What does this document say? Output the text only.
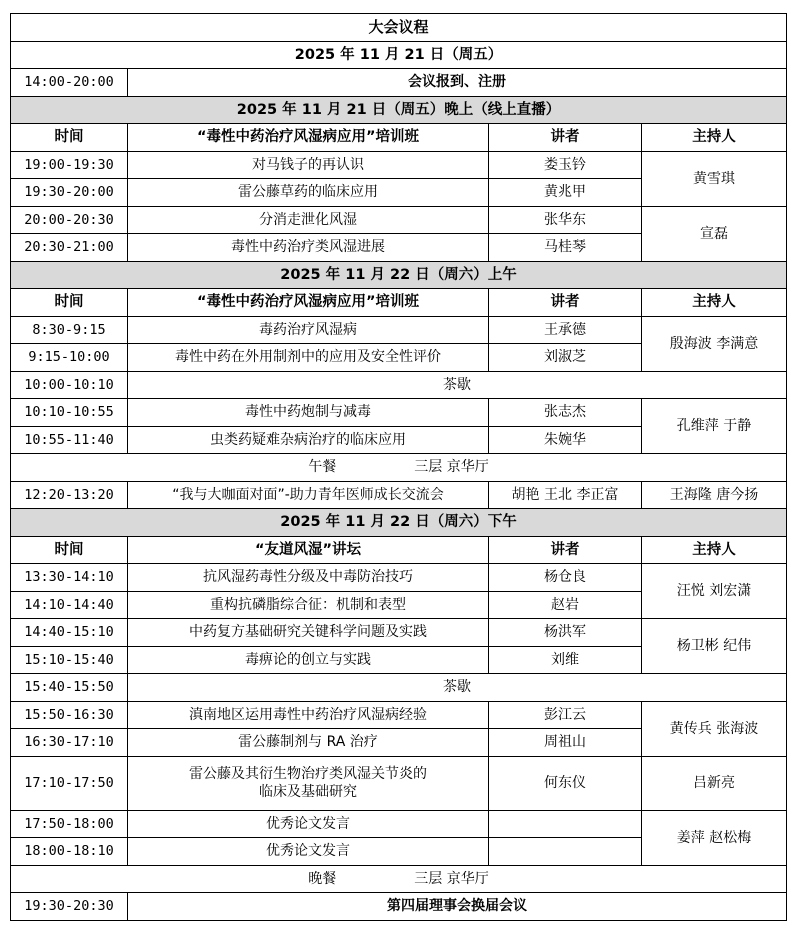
大会议程			
2025 年 11 月 21 日（周五）			
14:00-20:00	会议报到、注册		
2025 年 11 月 21 日（周五）晚上（线上直播）			
时间	“毒性中药治疗风湿病应用”培训班	讲者	主持人
19:00-19:30	对马钱子的再认识	娄玉钤	黄雪琪
19:30-20:00	雷公藤草药的临床应用	黄兆甲	
20:00-20:30	分消走泄化风湿	张华东	宣磊
20:30-21:00	毒性中药治疗类风湿进展	马桂琴	
2025 年 11 月 22 日（周六）上午			
时间	“毒性中药治疗风湿病应用”培训班	讲者	主持人
8:30-9:15	毒药治疗风湿病	王承德	殷海波 李满意
9:15-10:00	毒性中药在外用制剂中的应用及安全性评价	刘淑芝	
10:00-10:10	茶歇		
10:10-10:55	毒性中药炮制与减毒	张志杰	孔维萍 于静
10:55-11:40	虫类药疑难杂病治疗的临床应用	朱婉华	
午餐 三层 京华厅			
12:20-13:20	“我与大咖面对面”-助力青年医师成长交流会	胡艳 王北 李正富	王海隆 唐今扬
2025 年 11 月 22 日（周六）下午			
时间	“友道风湿”讲坛	讲者	主持人
13:30-14:10	抗风湿药毒性分级及中毒防治技巧	杨仓良	汪悦 刘宏潇
14:10-14:40	重构抗磷脂综合征：机制和表型	赵岩	
14:40-15:10	中药复方基础研究关键科学问题及实践	杨洪军	杨卫彬 纪伟
15:10-15:40	毒痹论的创立与实践	刘维	
15:40-15:50	茶歇		
15:50-16:30	滇南地区运用毒性中药治疗风湿病经验	彭江云	黄传兵 张海波
16:30-17:10	雷公藤制剂与 RA 治疗	周祖山	
17:10-17:50	雷公藤及其衍生物治疗类风湿关节炎的
临床及基础研究	何东仪	吕新亮
17:50-18:00	优秀论文发言		姜萍 赵松梅
18:00-18:10	优秀论文发言		
晚餐 三层 京华厅			
19:30-20:30	第四届理事会换届会议		
